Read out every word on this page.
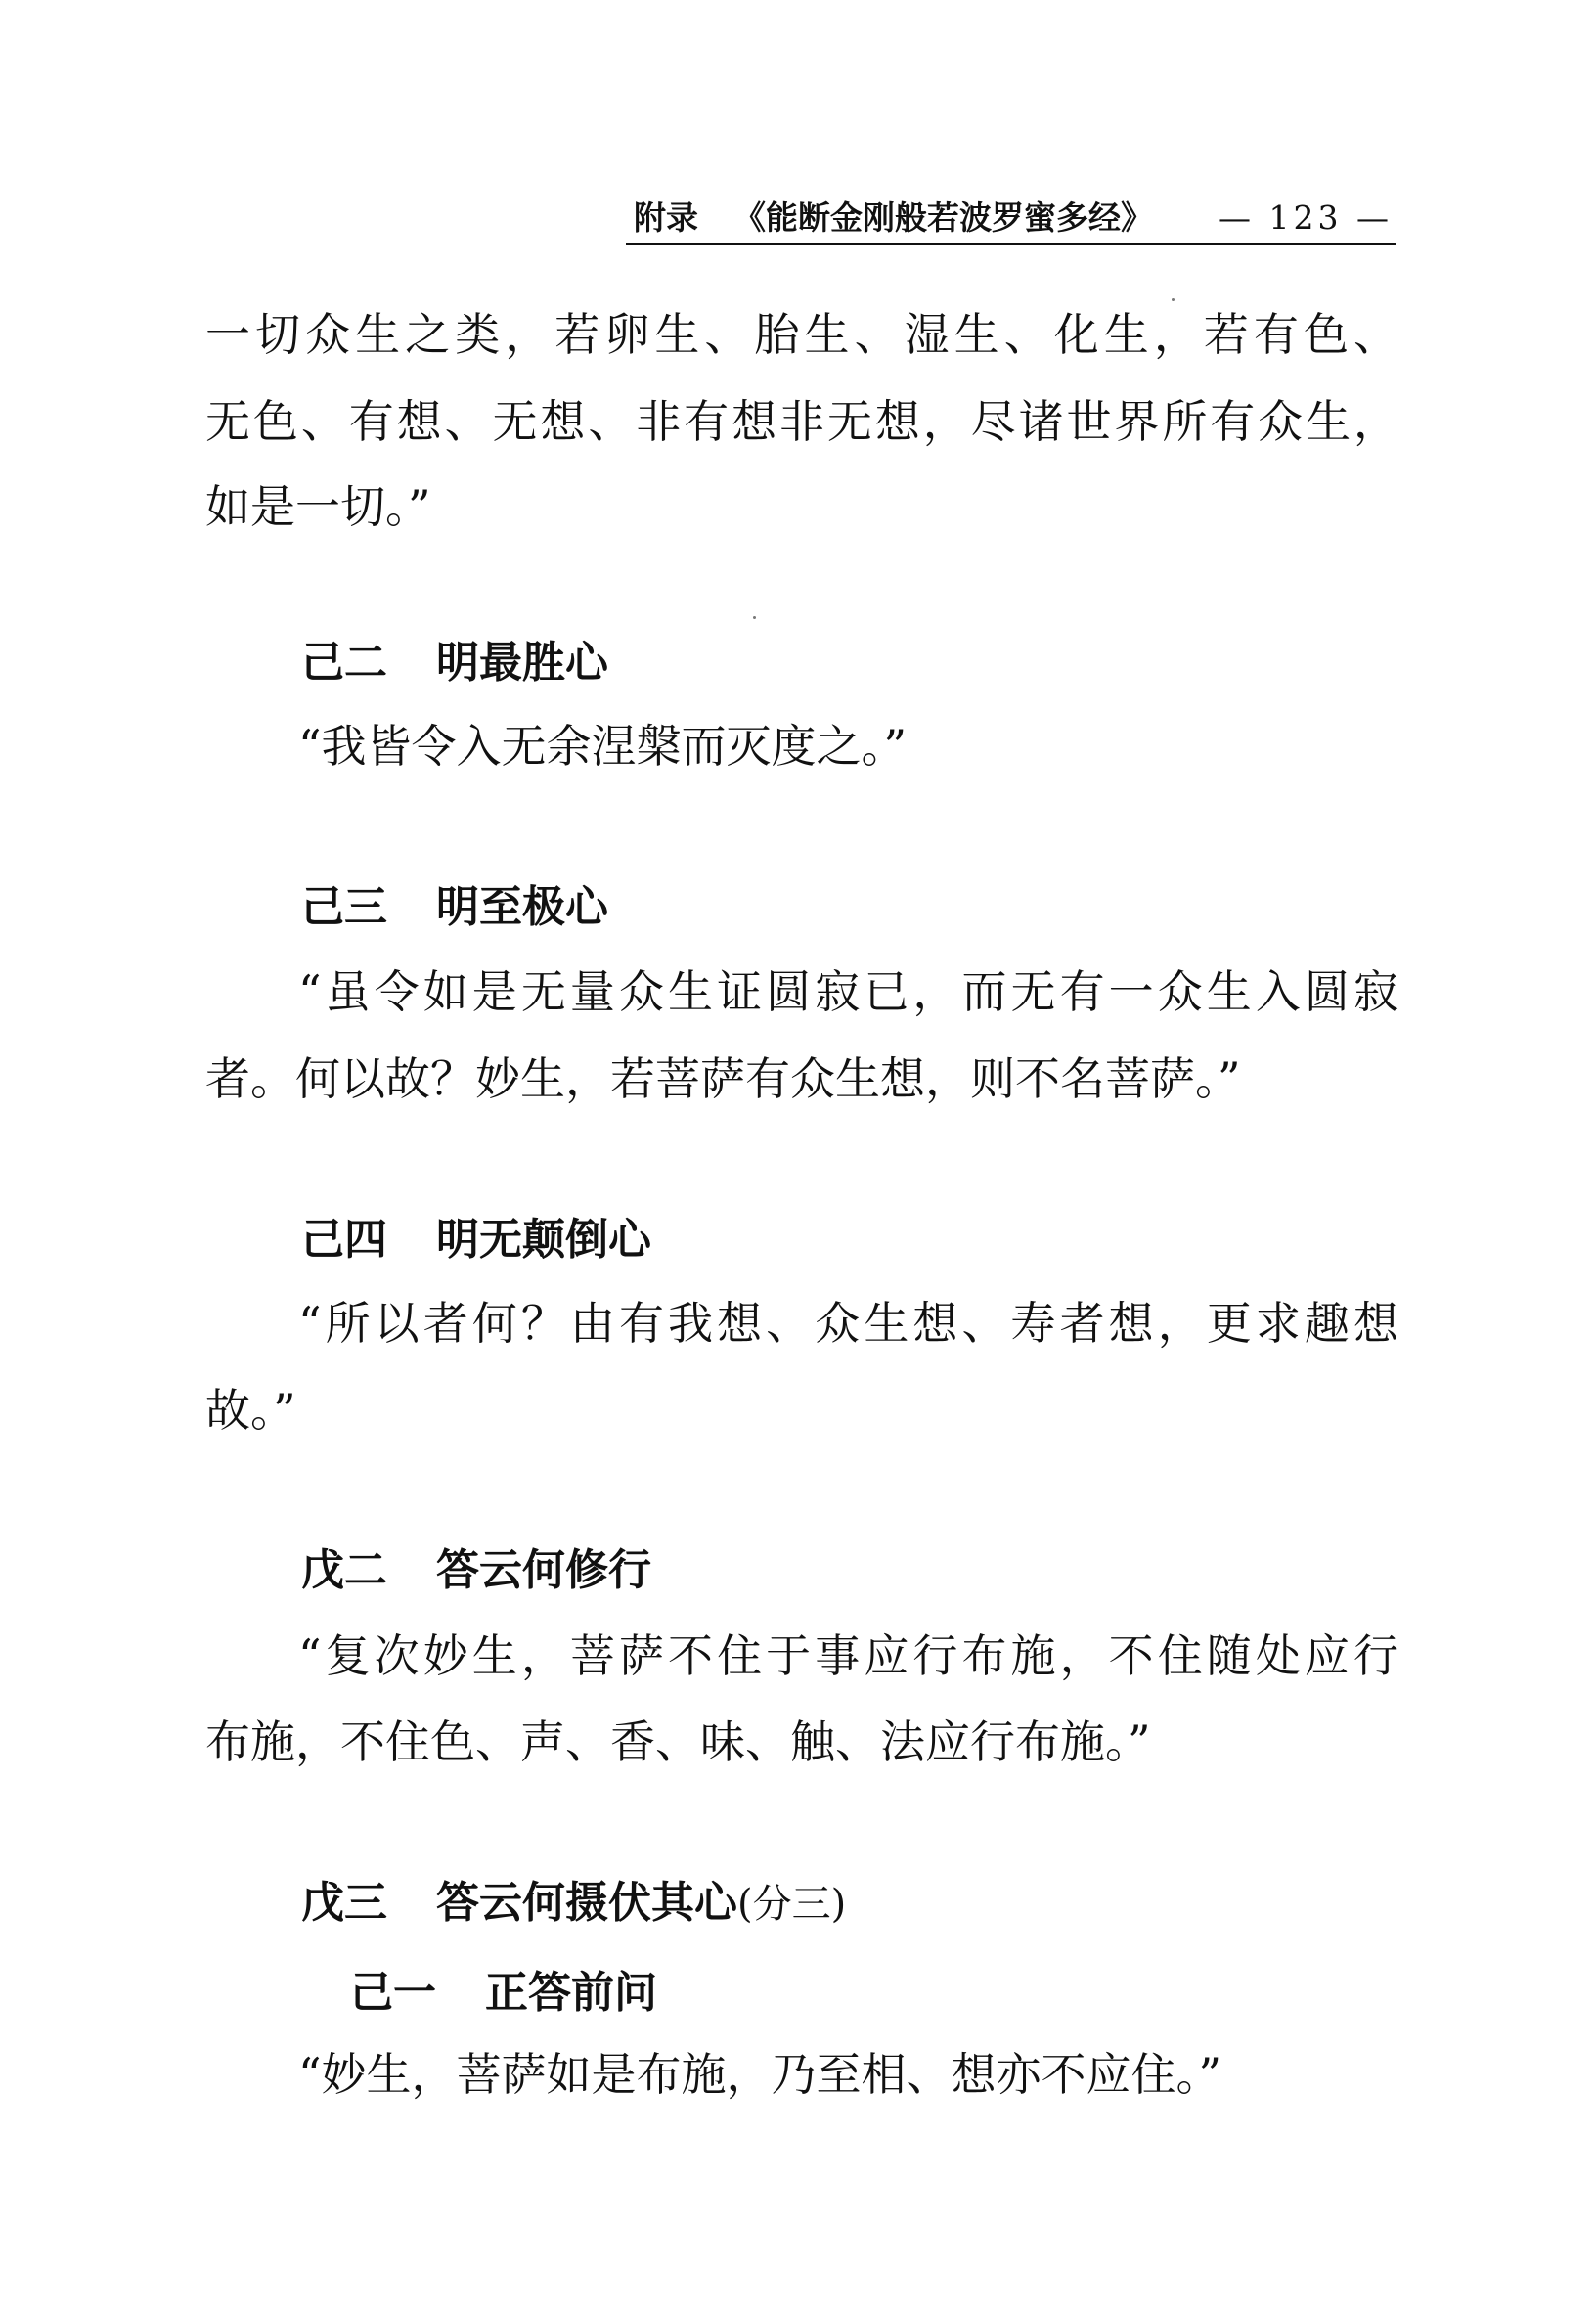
附录 《能断金刚般若波罗蜜多经》 — 123 —
一切众生之类，若卵生、胎生、湿生、化生，若有色、
无色、有想、无想、非有想非无想，尽诸世界所有众生，
如是一切。”
己二 明最胜心
“我皆令入无余涅槃而灭度之。”
己三 明至极心
“虽令如是无量众生证圆寂已，而无有一众生入圆寂
者。何以故？妙生，若菩萨有众生想，则不名菩萨。”
己四 明无颠倒心
“所以者何？由有我想、众生想、寿者想，更求趣想
故。”
戊二 答云何修行
“复次妙生，菩萨不住于事应行布施，不住随处应行
布施，不住色、声、香、味、触、法应行布施。”
戊三 答云何摄伏其心(分三)
己一 正答前问
“妙生，菩萨如是布施，乃至相、想亦不应住。”
